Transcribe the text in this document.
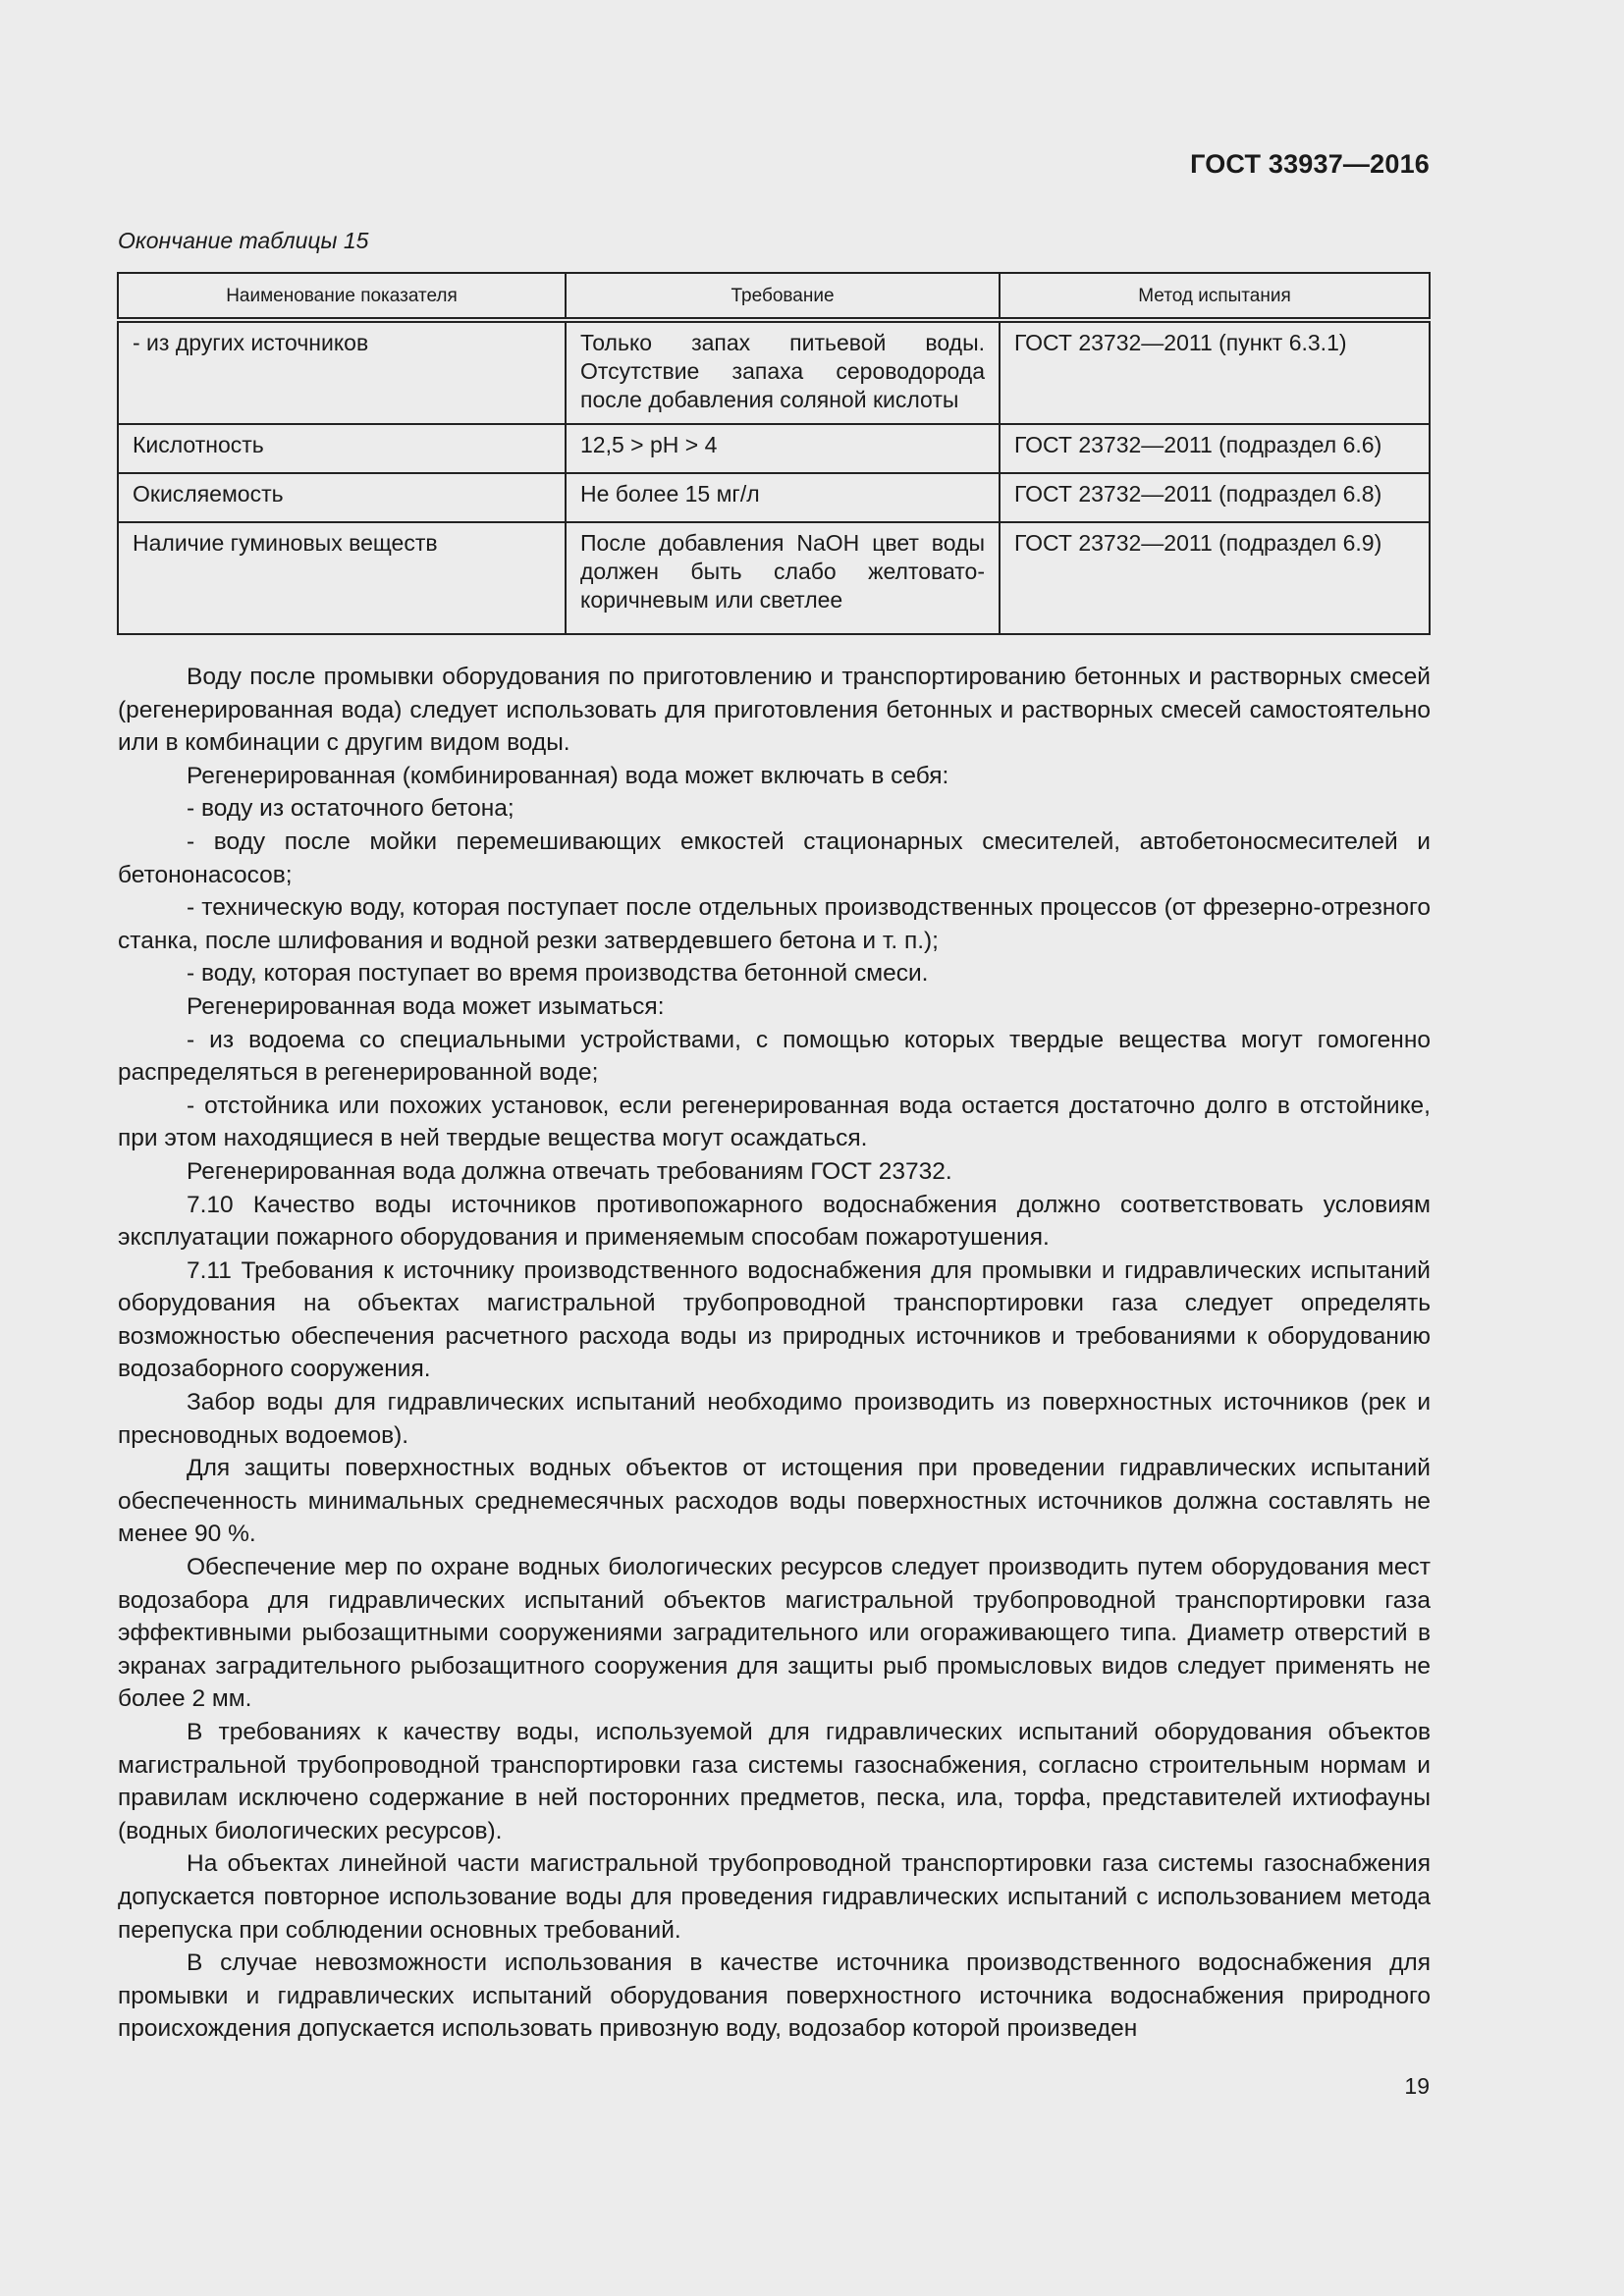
ГОСТ 33937—2016
Окончание таблицы 15
Наименование показателя	Требование	Метод испытания
- из других источников	Только запах питьевой воды. Отсутствие запаха сероводорода после добавления соляной кислоты	ГОСТ 23732—2011 (пункт 6.3.1)
Кислотность	12,5 > pH > 4	ГОСТ 23732—2011 (подраздел 6.6)
Окисляемость	Не более 15 мг/л	ГОСТ 23732—2011 (подраздел 6.8)
Наличие гуминовых веществ	После добавления NaOH цвет воды должен быть слабо желтовато-коричневым или светлее	ГОСТ 23732—2011 (подраздел 6.9)

Воду после промывки оборудования по приготовлению и транспортированию бетонных и растворных смесей (регенерированная вода) следует использовать для приготовления бетонных и растворных смесей самостоятельно или в комбинации с другим видом воды.

Регенерированная (комбинированная) вода может включать в себя:

- воду из остаточного бетона;

- воду после мойки перемешивающих емкостей стационарных смесителей, автобетоносмесителей и бетононасосов;

- техническую воду, которая поступает после отдельных производственных процессов (от фрезерно-отрезного станка, после шлифования и водной резки затвердевшего бетона и т. п.);

- воду, которая поступает во время производства бетонной смеси.

Регенерированная вода может изыматься:

- из водоема со специальными устройствами, с помощью которых твердые вещества могут гомогенно распределяться в регенерированной воде;

- отстойника или похожих установок, если регенерированная вода остается достаточно долго в отстойнике, при этом находящиеся в ней твердые вещества могут осаждаться.

Регенерированная вода должна отвечать требованиям ГОСТ 23732.

7.10 Качество воды источников противопожарного водоснабжения должно соответствовать условиям эксплуатации пожарного оборудования и применяемым способам пожаротушения.

7.11 Требования к источнику производственного водоснабжения для промывки и гидравлических испытаний оборудования на объектах магистральной трубопроводной транспортировки газа следует определять возможностью обеспечения расчетного расхода воды из природных источников и требованиями к оборудованию водозаборного сооружения.

Забор воды для гидравлических испытаний необходимо производить из поверхностных источников (рек и пресноводных водоемов).

Для защиты поверхностных водных объектов от истощения при проведении гидравлических испытаний обеспеченность минимальных среднемесячных расходов воды поверхностных источников должна составлять не менее 90 %.

Обеспечение мер по охране водных биологических ресурсов следует производить путем оборудования мест водозабора для гидравлических испытаний объектов магистральной трубопроводной транспортировки газа эффективными рыбозащитными сооружениями заградительного или огораживающего типа. Диаметр отверстий в экранах заградительного рыбозащитного сооружения для защиты рыб промысловых видов следует применять не более 2 мм.

В требованиях к качеству воды, используемой для гидравлических испытаний оборудования объектов магистральной трубопроводной транспортировки газа системы газоснабжения, согласно строительным нормам и правилам исключено содержание в ней посторонних предметов, песка, ила, торфа, представителей ихтиофауны (водных биологических ресурсов).

На объектах линейной части магистральной трубопроводной транспортировки газа системы газоснабжения допускается повторное использование воды для проведения гидравлических испытаний с использованием метода перепуска при соблюдении основных требований.

В случае невозможности использования в качестве источника производственного водоснабжения для промывки и гидравлических испытаний оборудования поверхностного источника водоснабжения природного происхождения допускается использовать привозную воду, водозабор которой произведен

19
